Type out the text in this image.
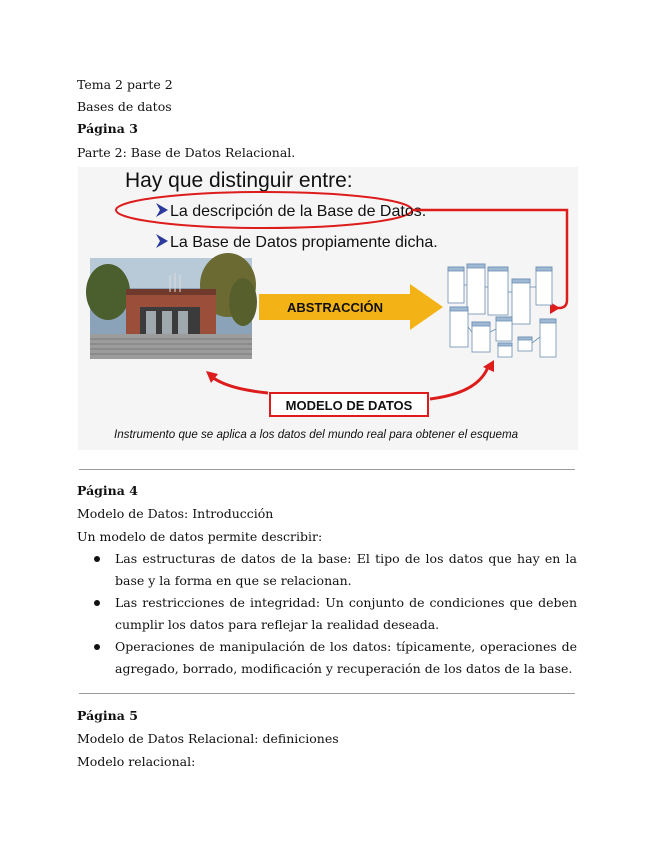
Tema 2 parte 2
Bases de datos
Página 3
Parte 2: Base de Datos Relacional.
Hay que distinguir entre:
La descripción de la Base de Datos.
La Base de Datos propiamente dicha.
ABSTRACCIÓN
MODELO DE DATOS
Instrumento que se aplica a los datos del mundo real para obtener el esquema
Página 4
Modelo de Datos: Introducción
Un modelo de datos permite describir:
Las estructuras de datos de la base: El tipo de los datos que hay en la base y la forma en que se relacionan.
Las restricciones de integridad: Un conjunto de condiciones que deben cumplir los datos para reflejar la realidad deseada.
Operaciones de manipulación de los datos: típicamente, operaciones de agregado, borrado, modificación y recuperación de los datos de la base.
Página 5
Modelo de Datos Relacional: definiciones
Modelo relacional:
